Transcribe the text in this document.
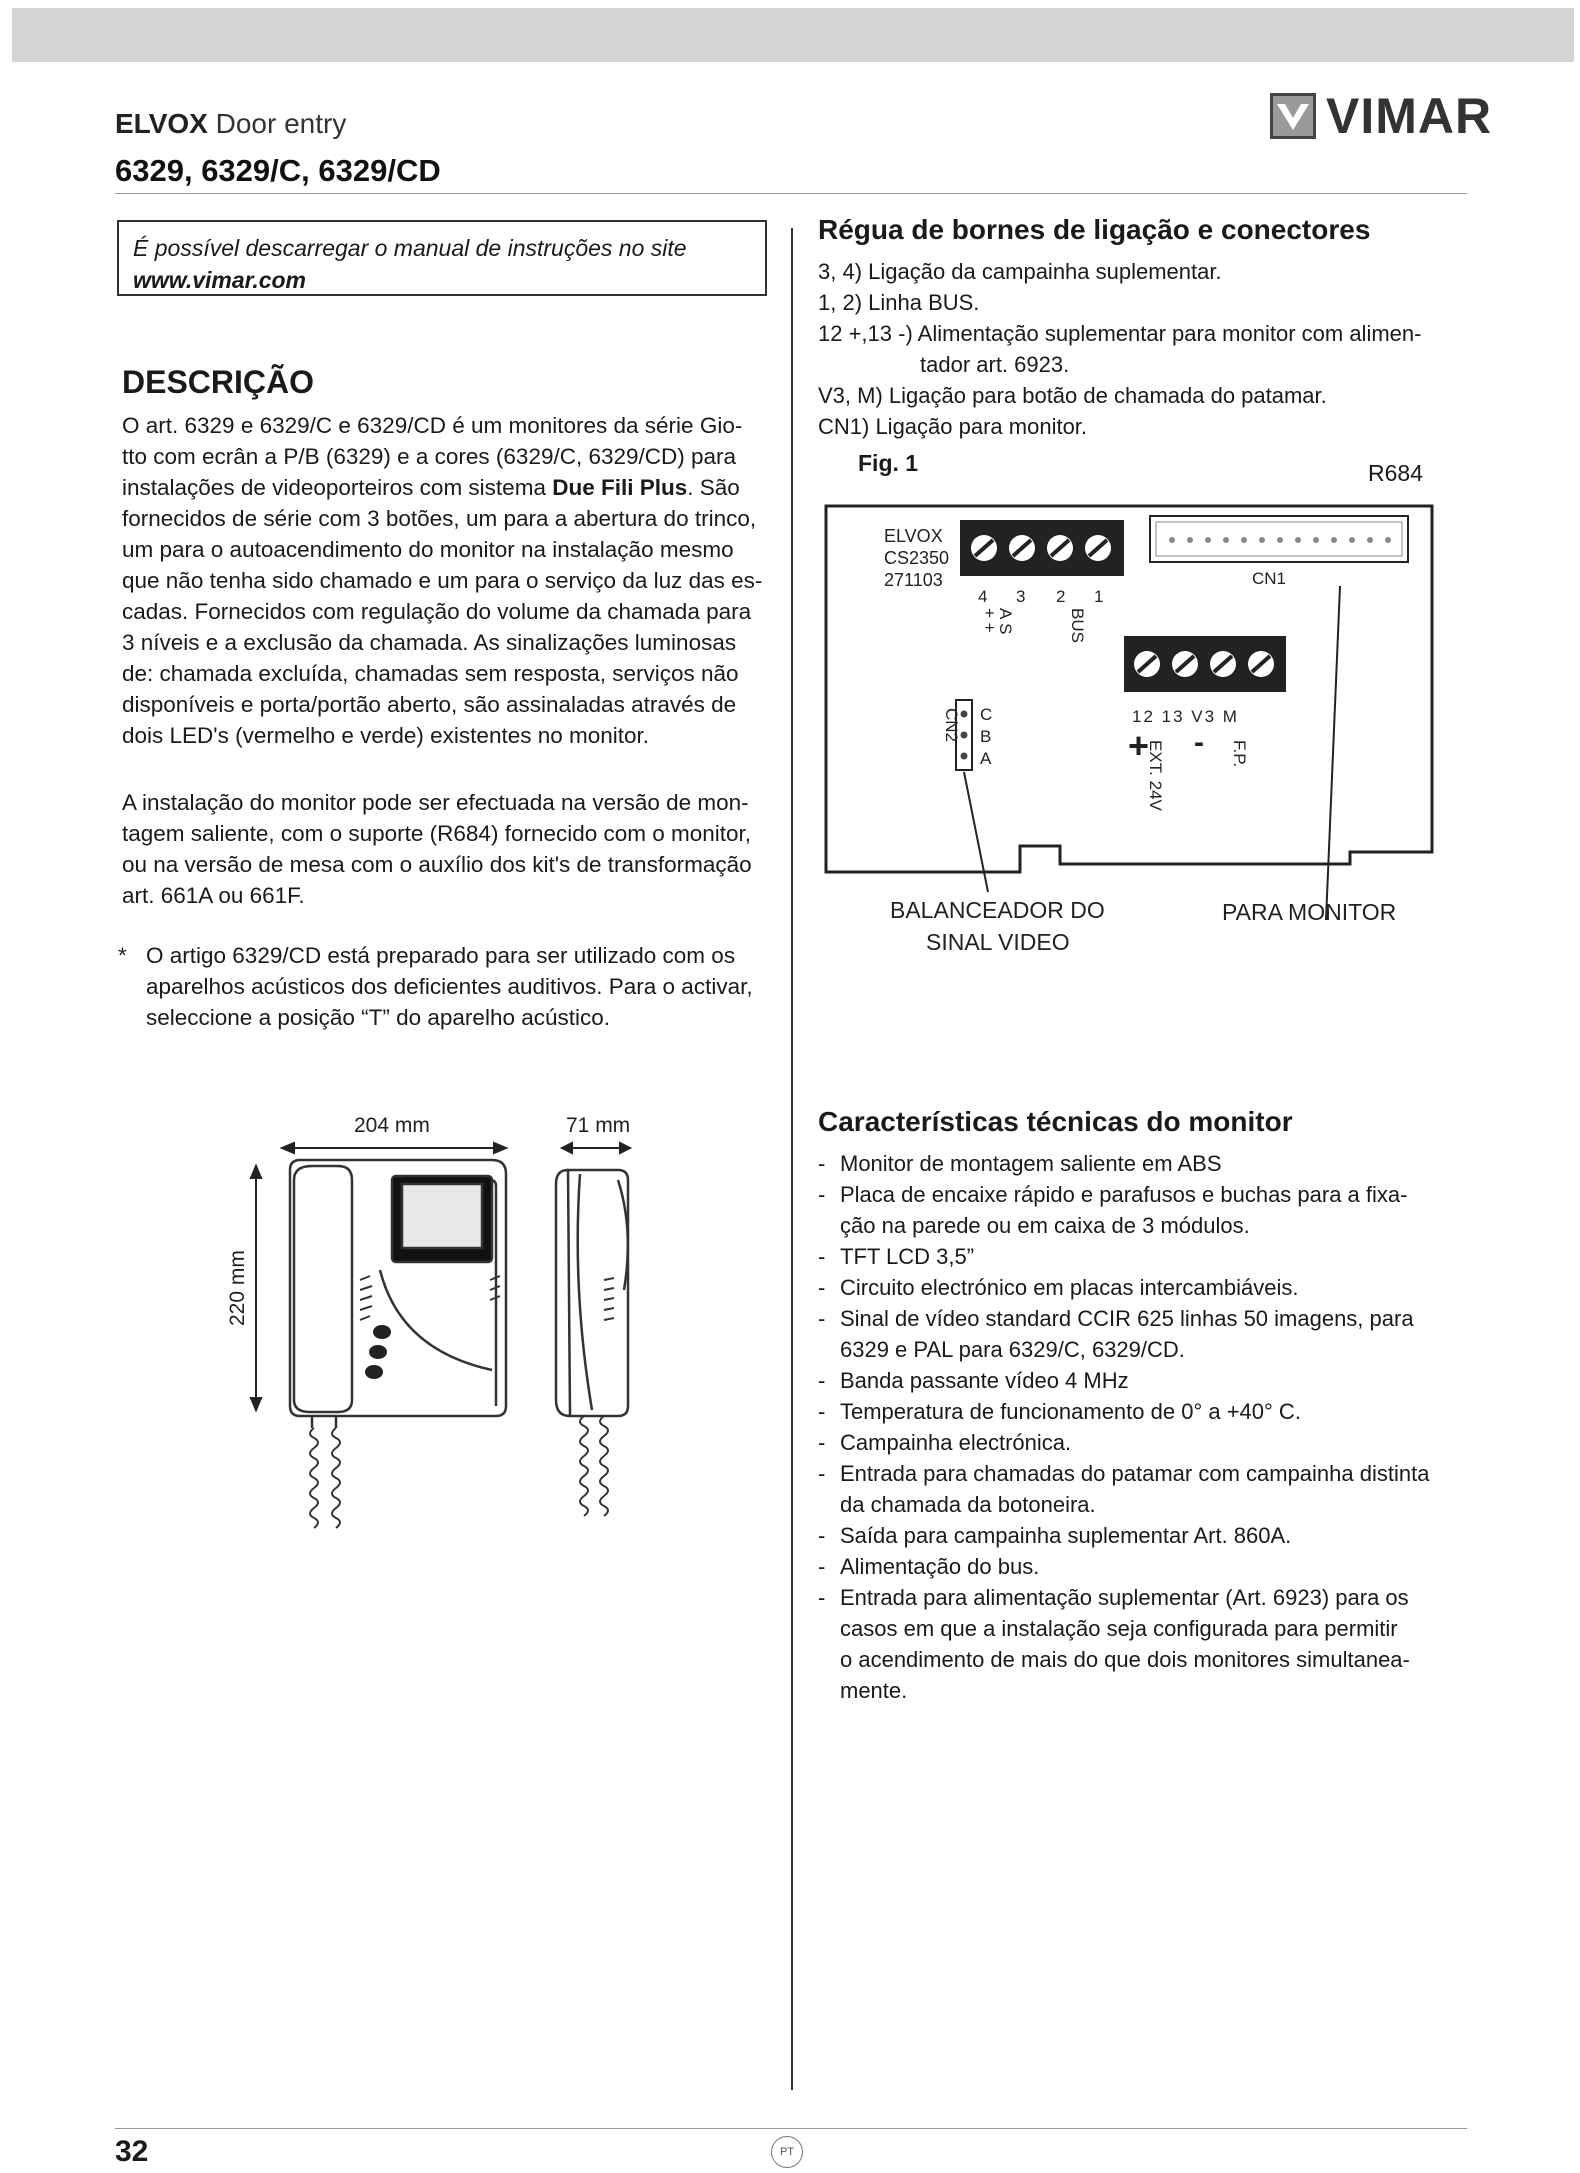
ELVOX Door entry
6329, 6329/C, 6329/CD
VIMAR
É possível descarregar o manual de instruções no site www.vimar.com
DESCRIÇÃO
O art. 6329 e 6329/C e 6329/CD é um monitores da série Gio-
tto com ecrân a P/B (6329) e a cores (6329/C, 6329/CD) para
instalações de videoporteiros com sistema Due Fili Plus. São
fornecidos de série com 3 botões, um para a abertura do trinco,
um para o autoacendimento do monitor na instalação mesmo
que não tenha sido chamado e um para o serviço da luz das es-
cadas. Fornecidos com regulação do volume da chamada para
3 níveis e a exclusão da chamada. As sinalizações luminosas
de: chamada excluída, chamadas sem resposta, serviços não
disponíveis e porta/portão aberto, são assinaladas através de
dois LED's (vermelho e verde) existentes no monitor.
A instalação do monitor pode ser efectuada na versão de mon-
tagem saliente, com o suporte (R684) fornecido com o monitor,
ou na versão de mesa com o auxílio dos kit's de transformação
art. 661A ou 661F.
* O artigo 6329/CD está preparado para ser utilizado com os
aparelhos acústicos dos deficientes auditivos. Para o activar,
seleccione a posição “T” do aparelho acústico.
Régua de bornes de ligação e conectores
3, 4) Ligação da campainha suplementar.
1, 2) Linha BUS.
12 +,13 -) Alimentação suplementar para monitor com alimen-
tador art. 6923.
V3, M) Ligação para botão de chamada do patamar.
CN1) Ligação para monitor.
Fig. 1	R684
ELVOX
CS2350
271103
4 3 2 1
+ +
A S	BUS
CN1
12 13 V3 M
+ -
EXT. 24V	F.P.
CN2 C
B
A
BALANCEADOR DO
SINAL VIDEO
PARA MONITOR
204 mm	71 mm
220 mm
Características técnicas do monitor
- Monitor de montagem saliente em ABS
- Placa de encaixe rápido e parafusos e buchas para a fixa-
ção na parede ou em caixa de 3 módulos.
- TFT LCD 3,5”
- Circuito electrónico em placas intercambiáveis.
- Sinal de vídeo standard CCIR 625 linhas 50 imagens, para
6329 e PAL para 6329/C, 6329/CD.
- Banda passante vídeo 4 MHz
- Temperatura de funcionamento de 0° a +40° C.
- Campainha electrónica.
- Entrada para chamadas do patamar com campainha distinta
da chamada da botoneira.
- Saída para campainha suplementar Art. 860A.
- Alimentação do bus.
- Entrada para alimentação suplementar (Art. 6923) para os
casos em que a instalação seja configurada para permitir
o acendimento de mais do que dois monitores simultanea-
mente.
32	PT
